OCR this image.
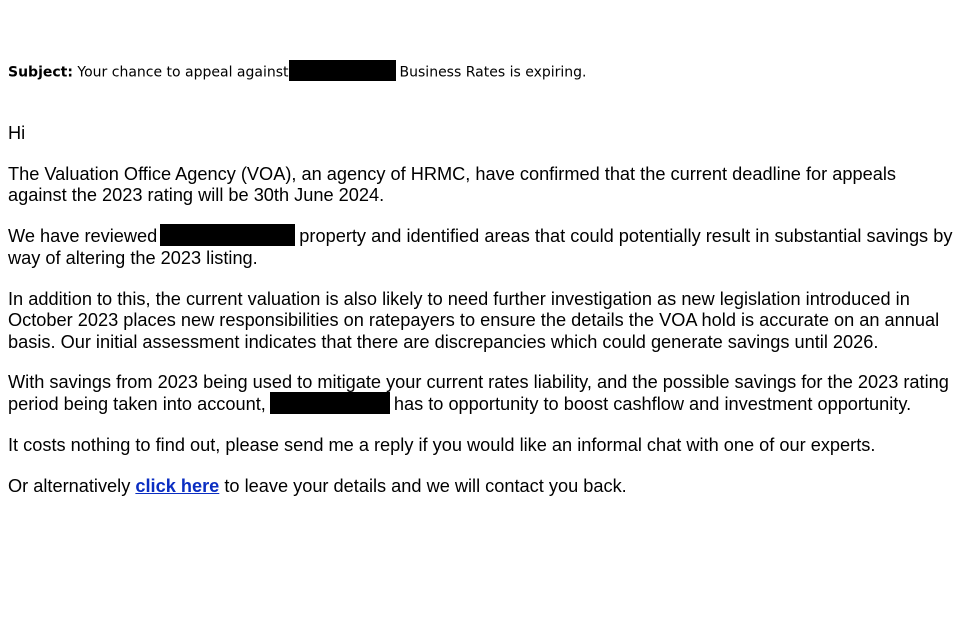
Subject: Your chance to appeal against	Business Rates is expiring.

Hi

The Valuation Office Agency (VOA), an agency of HRMC, have confirmed that the current deadline for appeals against the 2023 rating will be 30th June 2024.

We have reviewed	property and identified areas that could potentially result in substantial savings by way of altering the 2023 listing.

In addition to this, the current valuation is also likely to need further investigation as new legislation introduced in October 2023 places new responsibilities on ratepayers to ensure the details the VOA hold is accurate on an annual basis. Our initial assessment indicates that there are discrepancies which could generate savings until 2026.

With savings from 2023 being used to mitigate your current rates liability, and the possible savings for the 2023 rating period being taken into account,	has to opportunity to boost cashflow and investment opportunity.

It costs nothing to find out, please send me a reply if you would like an informal chat with one of our experts.

Or alternatively click here to leave your details and we will contact you back.
